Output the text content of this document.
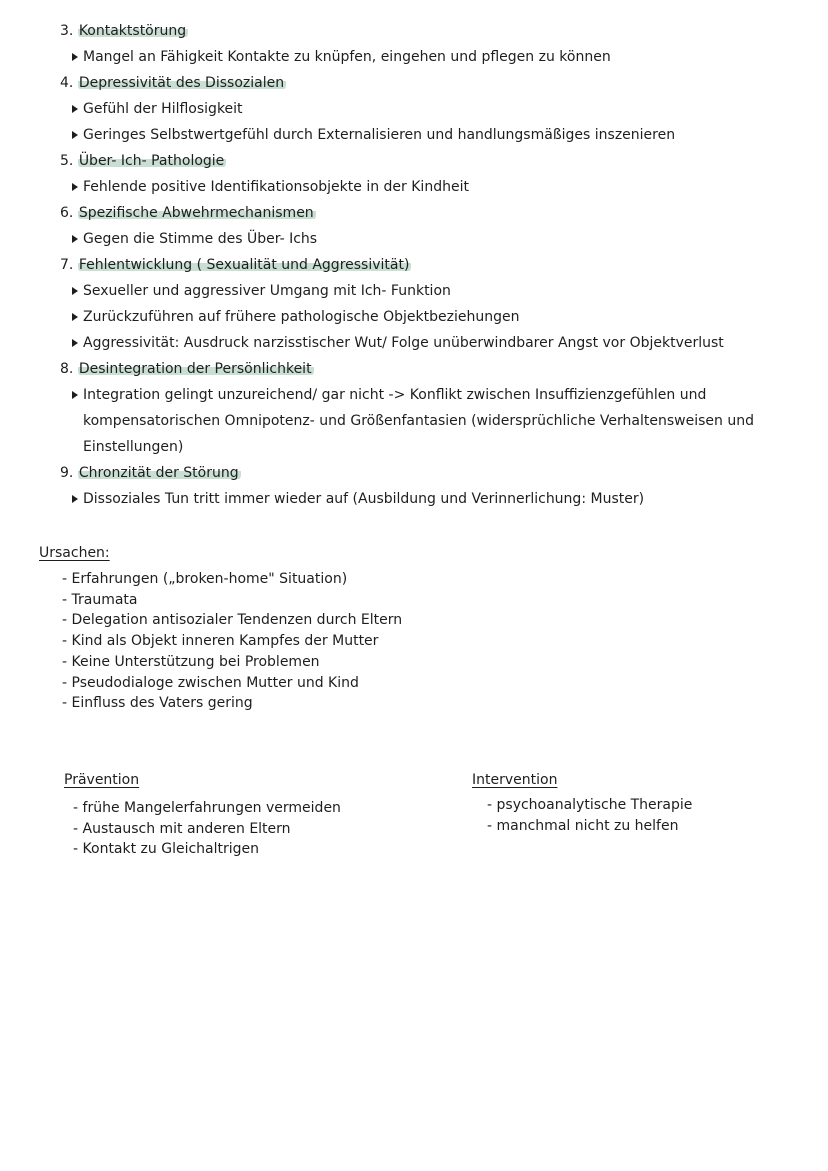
3. Kontaktstörung
Mangel an Fähigkeit Kontakte zu knüpfen, eingehen und pflegen zu können
4. Depressivität des Dissozialen
Gefühl der Hilflosigkeit
Geringes Selbstwertgefühl durch Externalisieren und handlungsmäßiges inszenieren
5. Über- Ich- Pathologie
Fehlende positive Identifikationsobjekte in der Kindheit
6. Spezifische Abwehrmechanismen
Gegen die Stimme des Über- Ichs
7. Fehlentwicklung ( Sexualität und Aggressivität)
Sexueller und aggressiver Umgang mit Ich- Funktion
Zurückzuführen auf frühere pathologische Objektbeziehungen
Aggressivität: Ausdruck narzisstischer Wut/ Folge unüberwindbarer Angst vor Objektverlust
8. Desintegration der Persönlichkeit
Integration gelingt unzureichend/ gar nicht -> Konflikt zwischen Insuffizienzgefühlen und kompensatorischen Omnipotenz- und Größenfantasien (widersprüchliche Verhaltensweisen und Einstellungen)
9. Chronzität der Störung
Dissoziales Tun tritt immer wieder auf (Ausbildung und Verinnerlichung: Muster)
Ursachen:
- Erfahrungen („broken-home" Situation)
- Traumata
- Delegation antisozialer Tendenzen durch Eltern
- Kind als Objekt inneren Kampfes der Mutter
- Keine Unterstützung bei Problemen
- Pseudodialoge zwischen Mutter und Kind
- Einfluss des Vaters gering
Prävention
- frühe Mangelerfahrungen vermeiden
- Austausch mit anderen Eltern
- Kontakt zu Gleichaltrigen
Intervention
- psychoanalytische Therapie
- manchmal nicht zu helfen
